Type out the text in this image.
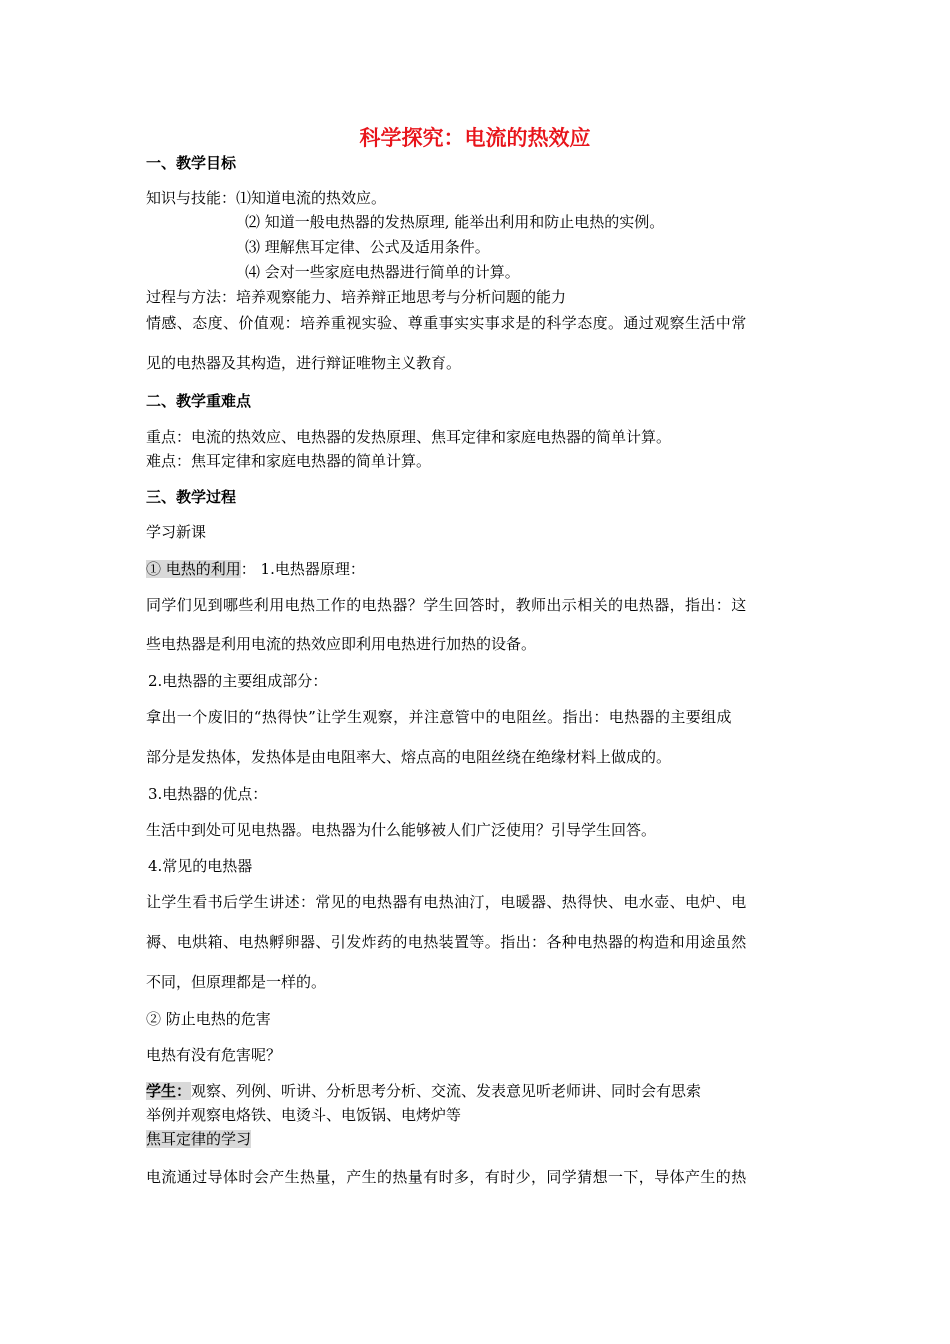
科学探究：电流的热效应
一、教学目标
知识与技能：⑴知道电流的热效应。
⑵ 知道一般电热器的发热原理, 能举出利用和防止电热的实例。
⑶ 理解焦耳定律、公式及适用条件。
⑷ 会对一些家庭电热器进行简单的计算。
过程与方法：培养观察能力、培养辩正地思考与分析问题的能力
情感、态度、价值观：培养重视实验、尊重事实实事求是的科学态度。通过观察生活中常
见的电热器及其构造，进行辩证唯物主义教育。
二、教学重难点
重点：电流的热效应、电热器的发热原理、焦耳定律和家庭电热器的简单计算。
难点：焦耳定律和家庭电热器的简单计算。
三、教学过程
学习新课
① 电热的利用： 1.电热器原理：
同学们见到哪些利用电热工作的电热器？学生回答时，教师出示相关的电热器，指出：这
些电热器是利用电流的热效应即利用电热进行加热的设备。
2.电热器的主要组成部分：
拿出一个废旧的“热得快”让学生观察，并注意管中的电阻丝。指出：电热器的主要组成
部分是发热体，发热体是由电阻率大、熔点高的电阻丝绕在绝缘材料上做成的。
3.电热器的优点：
生活中到处可见电热器。电热器为什么能够被人们广泛使用？引导学生回答。
4.常见的电热器
让学生看书后学生讲述：常见的电热器有电热油汀，电暖器、热得快、电水壶、电炉、电
褥、电烘箱、电热孵卵器、引发炸药的电热装置等。指出：各种电热器的构造和用途虽然
不同，但原理都是一样的。
② 防止电热的危害
电热有没有危害呢？
学生：观察、列例、听讲、分析思考分析、交流、发表意见听老师讲、同时会有思索
举例并观察电烙铁、电烫斗、电饭锅、电烤炉等
焦耳定律的学习
电流通过导体时会产生热量，产生的热量有时多，有时少，同学猜想一下，导体产生的热
